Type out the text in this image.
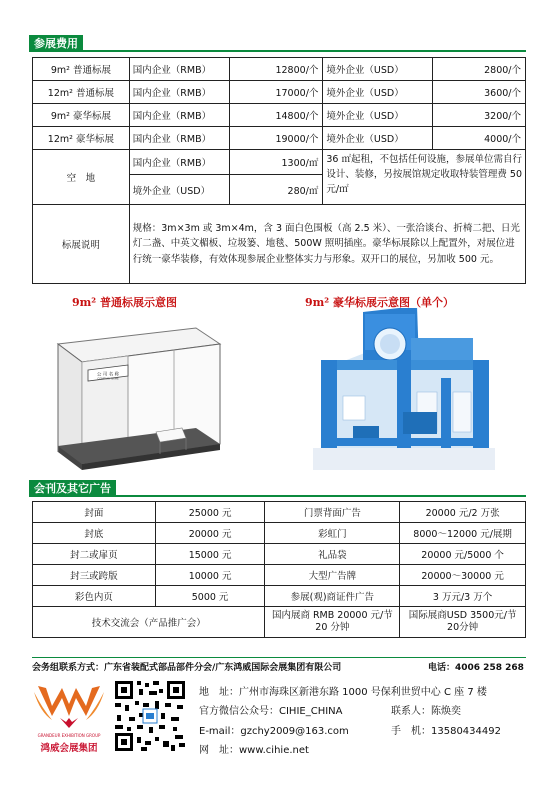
参展费用
9m² 普通标展	国内企业（RMB）	12800/个	境外企业（USD）	2800/个
12m² 普通标展	国内企业（RMB）	17000/个	境外企业（USD）	3600/个
9m² 豪华标展	国内企业（RMB）	14800/个	境外企业（USD）	3200/个
12m² 豪华标展	国内企业（RMB）	19000/个	境外企业（USD）	4000/个
空　地	国内企业（RMB）	1300/㎡	36 ㎡起租，不包括任何设施，参展单位需自行设计、装修，另按展馆规定收取特装管理费 50 元/㎡	
	境外企业（USD）	280/㎡		
标展说明	规格：3m×3m 或 3m×4m，含 3 面白色围板（高 2.5 米）、一张洽谈台、折椅二把、日光灯二盏、中英文楣板、垃圾篓、地毯、500W 照明插座。豪华标展除以上配置外，对展位进行统一豪华装修，有效体现参展企业整体实力与形象。双开口的展位，另加收 500 元。			
9m² 普通标展示意图	9m² 豪华标展示意图（单个）
公 司 名 称
COMPANY NAME
会刊及其它广告
封面	25000 元	门票背面广告	20000 元/2 万张
封底	20000 元	彩虹门	8000～12000 元/展期
封二或扉页	15000 元	礼品袋	20000 元/5000 个
封三或跨版	10000 元	大型广告牌	20000～30000 元
彩色内页	5000 元	参展(观)商证件广告	3 万元/3 万个
技术交流会（产品推广会）		国内展商 RMB 20000 元/节 20 分钟	国际展商USD 3500元/节 20分钟
会务组联系方式：广东省装配式部品部件分会/广东鸿威国际会展集团有限公司	电话：4006 258 268
GRANDEUR EXHIBITION GROUP
鸿威会展集团
地　址：广州市海珠区新港东路 1000 号保利世贸中心 C 座 7 楼
官方微信公众号：CIHIE_CHINA	联系人：陈焕奕
E-mail：gzchy2009@163.com	手　机：13580434492
网　址：www.cihie.net
